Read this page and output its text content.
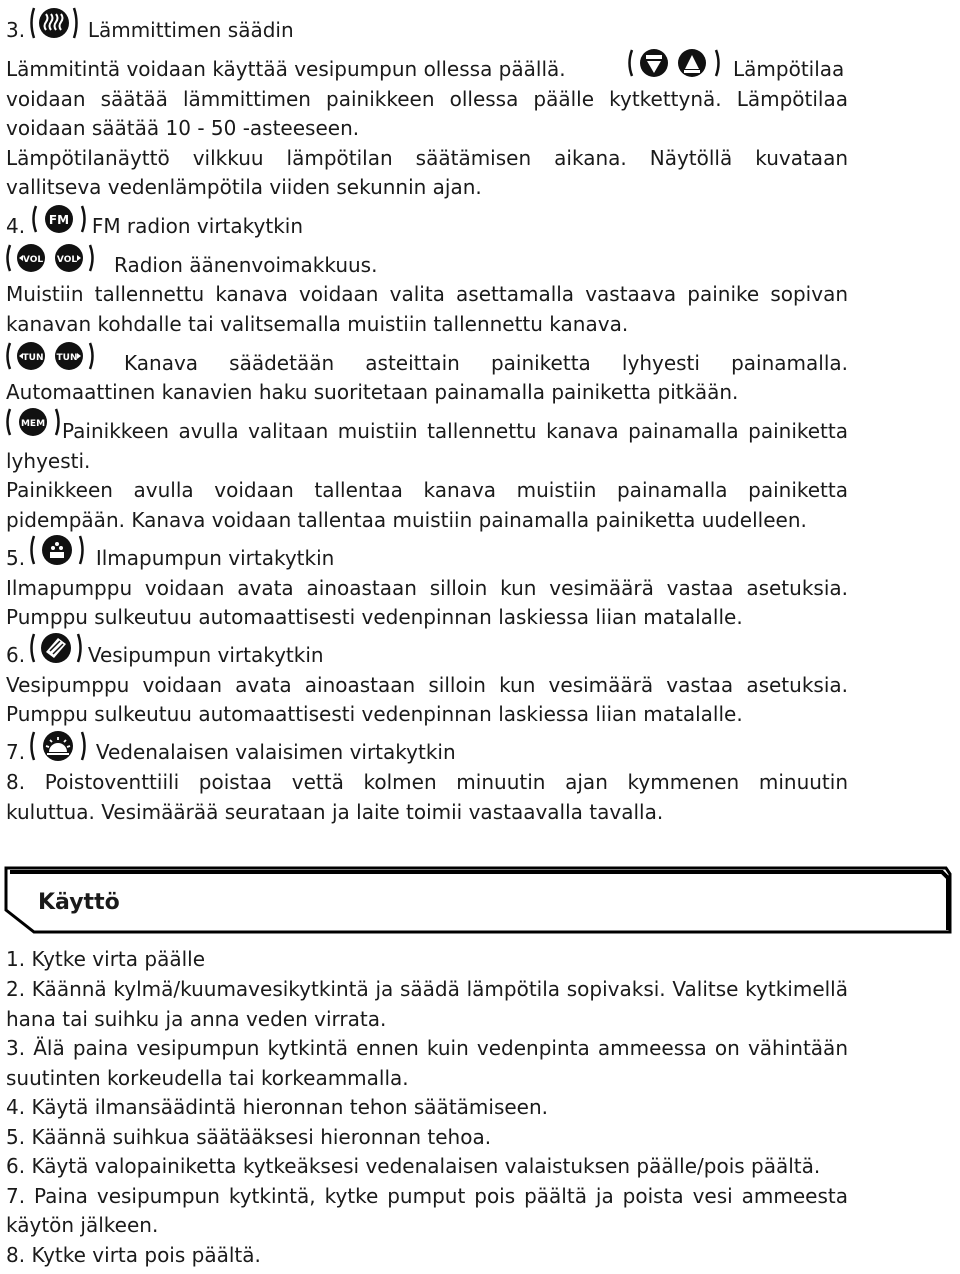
3.	Lämmittimen säädin
Lämmitintä voidaan käyttää vesipumpun ollessa päällä.	Lämpötilaa
voidaan säätää lämmittimen painikkeen ollessa päälle kytkettynä. Lämpötilaa
voidaan säätää 10 - 50 -asteeseen.
Lämpötilanäyttö vilkkuu lämpötilan säätämisen aikana. Näytöllä kuvataan
vallitseva vedenlämpötila viiden sekunnin ajan.
4.	FM radion virtakytkin
FM
VOL VOL Radion äänenvoimakkuus.
Muistiin tallennettu kanava voidaan valita asettamalla vastaava painike sopivan
kanavan kohdalle tai valitsemalla muistiin tallennettu kanava.
TUN TUN Kanava säädetään asteittain painiketta lyhyesti painamalla.
Automaattinen kanavien haku suoritetaan painamalla painiketta pitkään.
MEM Painikkeen avulla valitaan muistiin tallennettu kanava painamalla painiketta
lyhyesti.
Painikkeen avulla voidaan tallentaa kanava muistiin painamalla painiketta
pidempään. Kanava voidaan tallentaa muistiin painamalla painiketta uudelleen.
5.	Ilmapumpun virtakytkin
Ilmapumppu voidaan avata ainoastaan silloin kun vesimäärä vastaa asetuksia.
Pumppu sulkeutuu automaattisesti vedenpinnan laskiessa liian matalalle.
6.	Vesipumpun virtakytkin
Vesipumppu voidaan avata ainoastaan silloin kun vesimäärä vastaa asetuksia.
Pumppu sulkeutuu automaattisesti vedenpinnan laskiessa liian matalalle.
7.	Vedenalaisen valaisimen virtakytkin
8. Poistoventtiili poistaa vettä kolmen minuutin ajan kymmenen minuutin
kuluttua. Vesimäärää seurataan ja laite toimii vastaavalla tavalla.
Käyttö
1. Kytke virta päälle
2. Käännä kylmä/kuumavesikytkintä ja säädä lämpötila sopivaksi. Valitse kytkimellä
hana tai suihku ja anna veden virrata.
3. Älä paina vesipumpun kytkintä ennen kuin vedenpinta ammeessa on vähintään
suutinten korkeudella tai korkeammalla.
4. Käytä ilmansäädintä hieronnan tehon säätämiseen.
5. Käännä suihkua säätääksesi hieronnan tehoa.
6. Käytä valopainiketta kytkeäksesi vedenalaisen valaistuksen päälle/pois päältä.
7. Paina vesipumpun kytkintä, kytke pumput pois päältä ja poista vesi ammeesta
käytön jälkeen.
8. Kytke virta pois päältä.
